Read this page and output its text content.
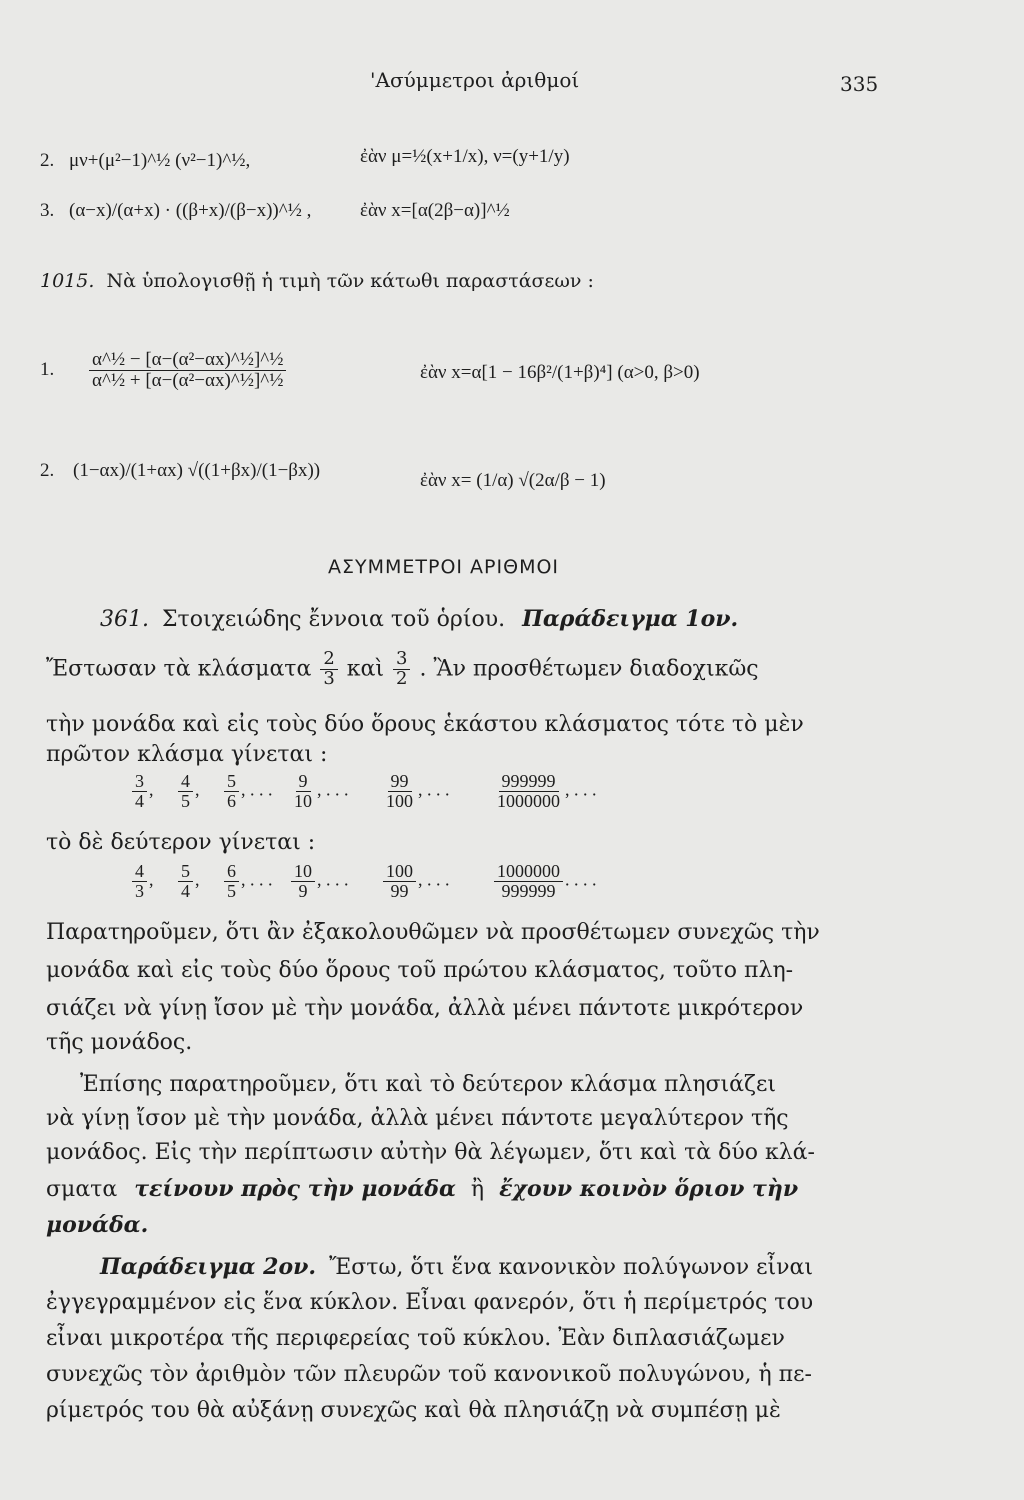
'Ασύμμετροι ἀριθμοί	335
2. μν+(μ²−1)^½ (ν²−1)^½,	ἐὰν μ=½(x+1/x), ν=(y+1/y)
3. (α−x)/(α+x) · ((β+x)/(β−x))^½ ,	ἐὰν x=[α(2β−α)]^½
1015. Νὰ ὑπολογισθῇ ἡ τιμὴ τῶν κάτωθι παραστάσεων :
1. $\frac{\text{α\textasciicircum{}½ − [α−(α²−αx)\textasciicircum{}½]\textasciicircum{}½}}{\text{α\textasciicircum{}½ + [α−(α²−αx)\textasciicircum{}½]\textasciicircum{}½}}$	ἐὰν x=α[1 − 16β²/(1+β)⁴] (α>0, β>0)
2. (1−αx)/(1+αx) √((1+βx)/(1−βx))	ἐὰν x= (1/α) √(2α/β − 1)
ΑΣΥΜΜΕΤΡΟΙ ΑΡΙΘΜΟΙ
361. Στοιχειώδης ἔννοια τοῦ ὁρίου. Παράδειγμα 1ον.
Ἔστωσαν τὰ κλάσματα $\frac{2}{3}$ καὶ $\frac{3}{2}$ . Ἂν προσθέτωμεν διαδοχικῶς
τὴν μονάδα καὶ εἰς τοὺς δύο ὅρους ἑκάστου κλάσματος τότε τὸ μὲν
πρῶτον κλάσμα γίνεται :
$\frac{3}{4}$ , $\frac{4}{5}$ , $\frac{5}{6}$ , . . . $\frac{9}{10}$ , . . . $\frac{99}{100}$ , . . . $\frac{999999}{1000000}$ , . . .
τὸ δὲ δεύτερον γίνεται :
$\frac{4}{3}$ , $\frac{5}{4}$ , $\frac{6}{5}$ , . . . $\frac{10}{9}$ , . . . $\frac{100}{99}$ , . . . $\frac{1000000}{999999}$ . . . .
Παρατηροῦμεν, ὅτι ἂν ἐξακολουθῶμεν νὰ προσθέτωμεν συνεχῶς τὴν
μονάδα καὶ εἰς τοὺς δύο ὅρους τοῦ πρώτου κλάσματος, τοῦτο πλη-
σιάζει νὰ γίνῃ ἴσον μὲ τὴν μονάδα, ἀλλὰ μένει πάντοτε μικρότερον
τῆς μονάδος.
Ἐπίσης παρατηροῦμεν, ὅτι καὶ τὸ δεύτερον κλάσμα πλησιάζει
νὰ γίνῃ ἴσον μὲ τὴν μονάδα, ἀλλὰ μένει πάντοτε μεγαλύτερον τῆς
μονάδος. Εἰς τὴν περίπτωσιν αὐτὴν θὰ λέγωμεν, ὅτι καὶ τὰ δύο κλά-
σματα τείνουν πρὸς τὴν μονάδα ἢ ἔχουν κοινὸν ὅριον τὴν
μονάδα.
Παράδειγμα 2ον. Ἔστω, ὅτι ἕνα κανονικὸν πολύγωνον εἶναι
ἐγγεγραμμένον εἰς ἕνα κύκλον. Εἶναι φανερόν, ὅτι ἡ περίμετρός του
εἶναι μικροτέρα τῆς περιφερείας τοῦ κύκλου. Ἐὰν διπλασιάζωμεν
συνεχῶς τὸν ἀριθμὸν τῶν πλευρῶν τοῦ κανονικοῦ πολυγώνου, ἡ πε-
ρίμετρός του θὰ αὐξάνῃ συνεχῶς καὶ θὰ πλησιάζῃ νὰ συμπέσῃ μὲ
